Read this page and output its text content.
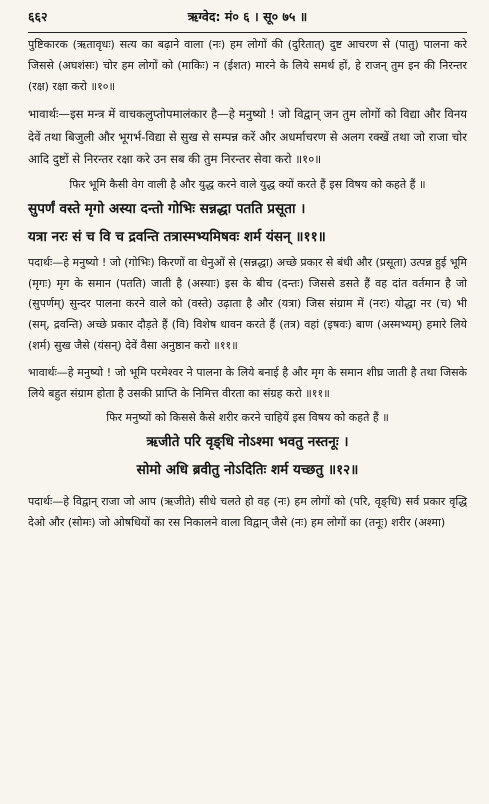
६६२	ऋग्वेद: मं० ६ । सू० ७५ ॥

पुष्टिकारक (ऋतावृधः) सत्य का बढ़ाने वाला (नः) हम लोगों की (दुरितात्) दुष्ट आचरण से (पातु) पालना करे जिससे (अघशंसः) चोर हम लोगों को (माकिः) न (ईशत) मारने के लिये समर्थ हों, हे राजन् तुम इन की निरन्तर (रक्ष) रक्षा करो ॥१०॥

भावार्थः—इस मन्त्र में वाचकलुप्तोपमालंकार है—हे मनुष्यो ! जो विद्वान् जन तुम लोगों को विद्या और विनय देवें तथा बिजुली और भूगर्भ-विद्या से सुख से सम्पन्न करें और अधर्माचरण से अलग रक्खें तथा जो राजा चोर आदि दुष्टों से निरन्तर रक्षा करे उन सब की तुम निरन्तर सेवा करो ॥१०॥

फिर भूमि कैसी वेग वाली है और युद्ध करने वाले युद्ध क्यों करते हैं इस विषय को कहते हैं ॥

सुपर्णं वस्ते मृगो अस्या दन्तो गोभिः सन्नद्धा पतति प्रसूता ।
यत्रा नरः सं च वि च द्रवन्ति तत्रास्मभ्यमिषवः शर्म यंसन् ॥११॥

पदार्थः—हे मनुष्यो ! जो (गोभिः) किरणों वा धेनुओं से (सन्नद्धा) अच्छे प्रकार से बंधी और (प्रसूता) उत्पन्न हुई भूमि (मृगः) मृग के समान (पतति) जाती है (अस्याः) इस के बीच (दन्तः) जिससे डसते हैं वह दांत वर्तमान है जो (सुपर्णम्) सुन्दर पालना करने वाले को (वस्ते) उढ़ाता है और (यत्रा) जिस संग्राम में (नरः) योद्धा नर (च) भी (सम्, द्रवन्ति) अच्छे प्रकार दौड़ते हैं (वि) विशेष धावन करते हैं (तत्र) वहां (इषवः) बाण (अस्मभ्यम्) हमारे लिये (शर्म) सुख जैसे (यंसन्) देवें वैसा अनुष्ठान करो ॥११॥

भावार्थः—हे मनुष्यो ! जो भूमि परमेश्वर ने पालना के लिये बनाई है और मृग के समान शीघ्र जाती है तथा जिसके लिये बहुत संग्राम होता है उसकी प्राप्ति के निमित्त वीरता का संग्रह करो ॥११॥

फिर मनुष्यों को किससे कैसे शरीर करने चाहियें इस विषय को कहते हैं ॥

ऋजीते परि वृङ्धि नोऽश्मा भवतु नस्तनूः ।
सोमो अधि ब्रवीतु नोऽदितिः शर्म यच्छतु ॥१२॥

पदार्थः—हे विद्वान् राजा जो आप (ऋजीते) सीधे चलते हो वह (नः) हम लोगों को (परि, वृङ्धि) सर्व प्रकार वृद्धि देओ और (सोमः) जो ओषधियों का रस निकालने वाला विद्वान् जैसे (नः) हम लोगों का (तनूः) शरीर (अश्मा)
